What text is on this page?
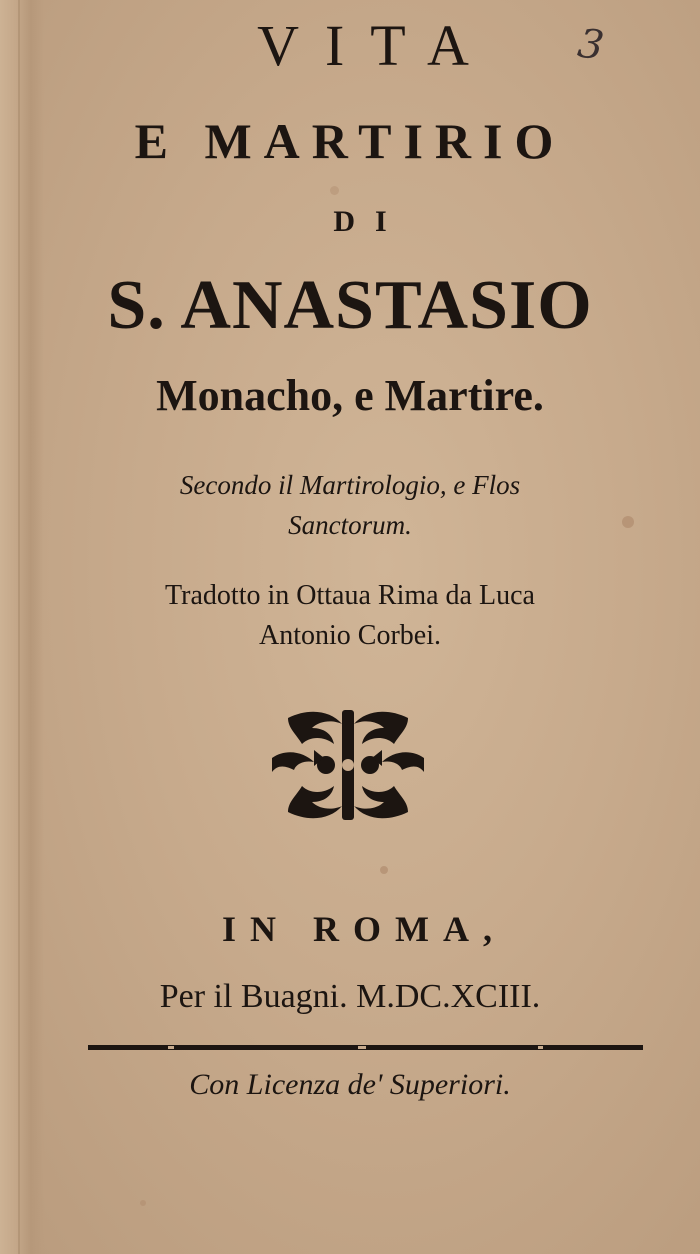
3
VITA
E MARTIRIO
DI
S. ANASTASIO
Monacho, e Martire.
Secondo il Martirologio, e Flos
Sanctorum.
Tradotto in Ottaua Rima da Luca
Antonio Corbei.
IN ROMA,
Per il Buagni. M.DC.XCIII.
Con Licenza de' Superiori.
